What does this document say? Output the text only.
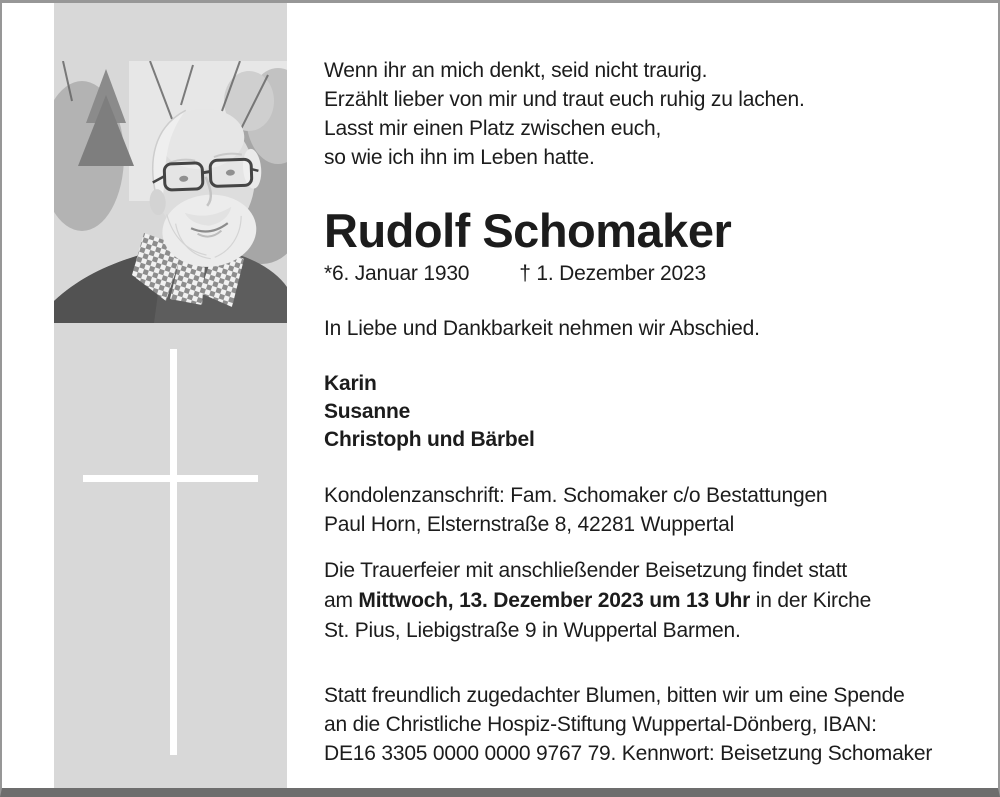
Wenn ihr an mich denkt, seid nicht traurig.
Erzählt lieber von mir und traut euch ruhig zu lachen.
Lasst mir einen Platz zwischen euch,
so wie ich ihn im Leben hatte.
Rudolf Schomaker
*6. Januar 1930 † 1. Dezember 2023
In Liebe und Dankbarkeit nehmen wir Abschied.
Karin
Susanne
Christoph und Bärbel
Kondolenzanschrift: Fam. Schomaker c/o Bestattungen
Paul Horn, Elsternstraße 8, 42281 Wuppertal
Die Trauerfeier mit anschließender Beisetzung findet statt
am Mittwoch, 13. Dezember 2023 um 13 Uhr in der Kirche
St. Pius, Liebigstraße 9 in Wuppertal Barmen.
Statt freundlich zugedachter Blumen, bitten wir um eine Spende
an die Christliche Hospiz-Stiftung Wuppertal-Dönberg, IBAN:
DE16 3305 0000 0000 9767 79. Kennwort: Beisetzung Schomaker
